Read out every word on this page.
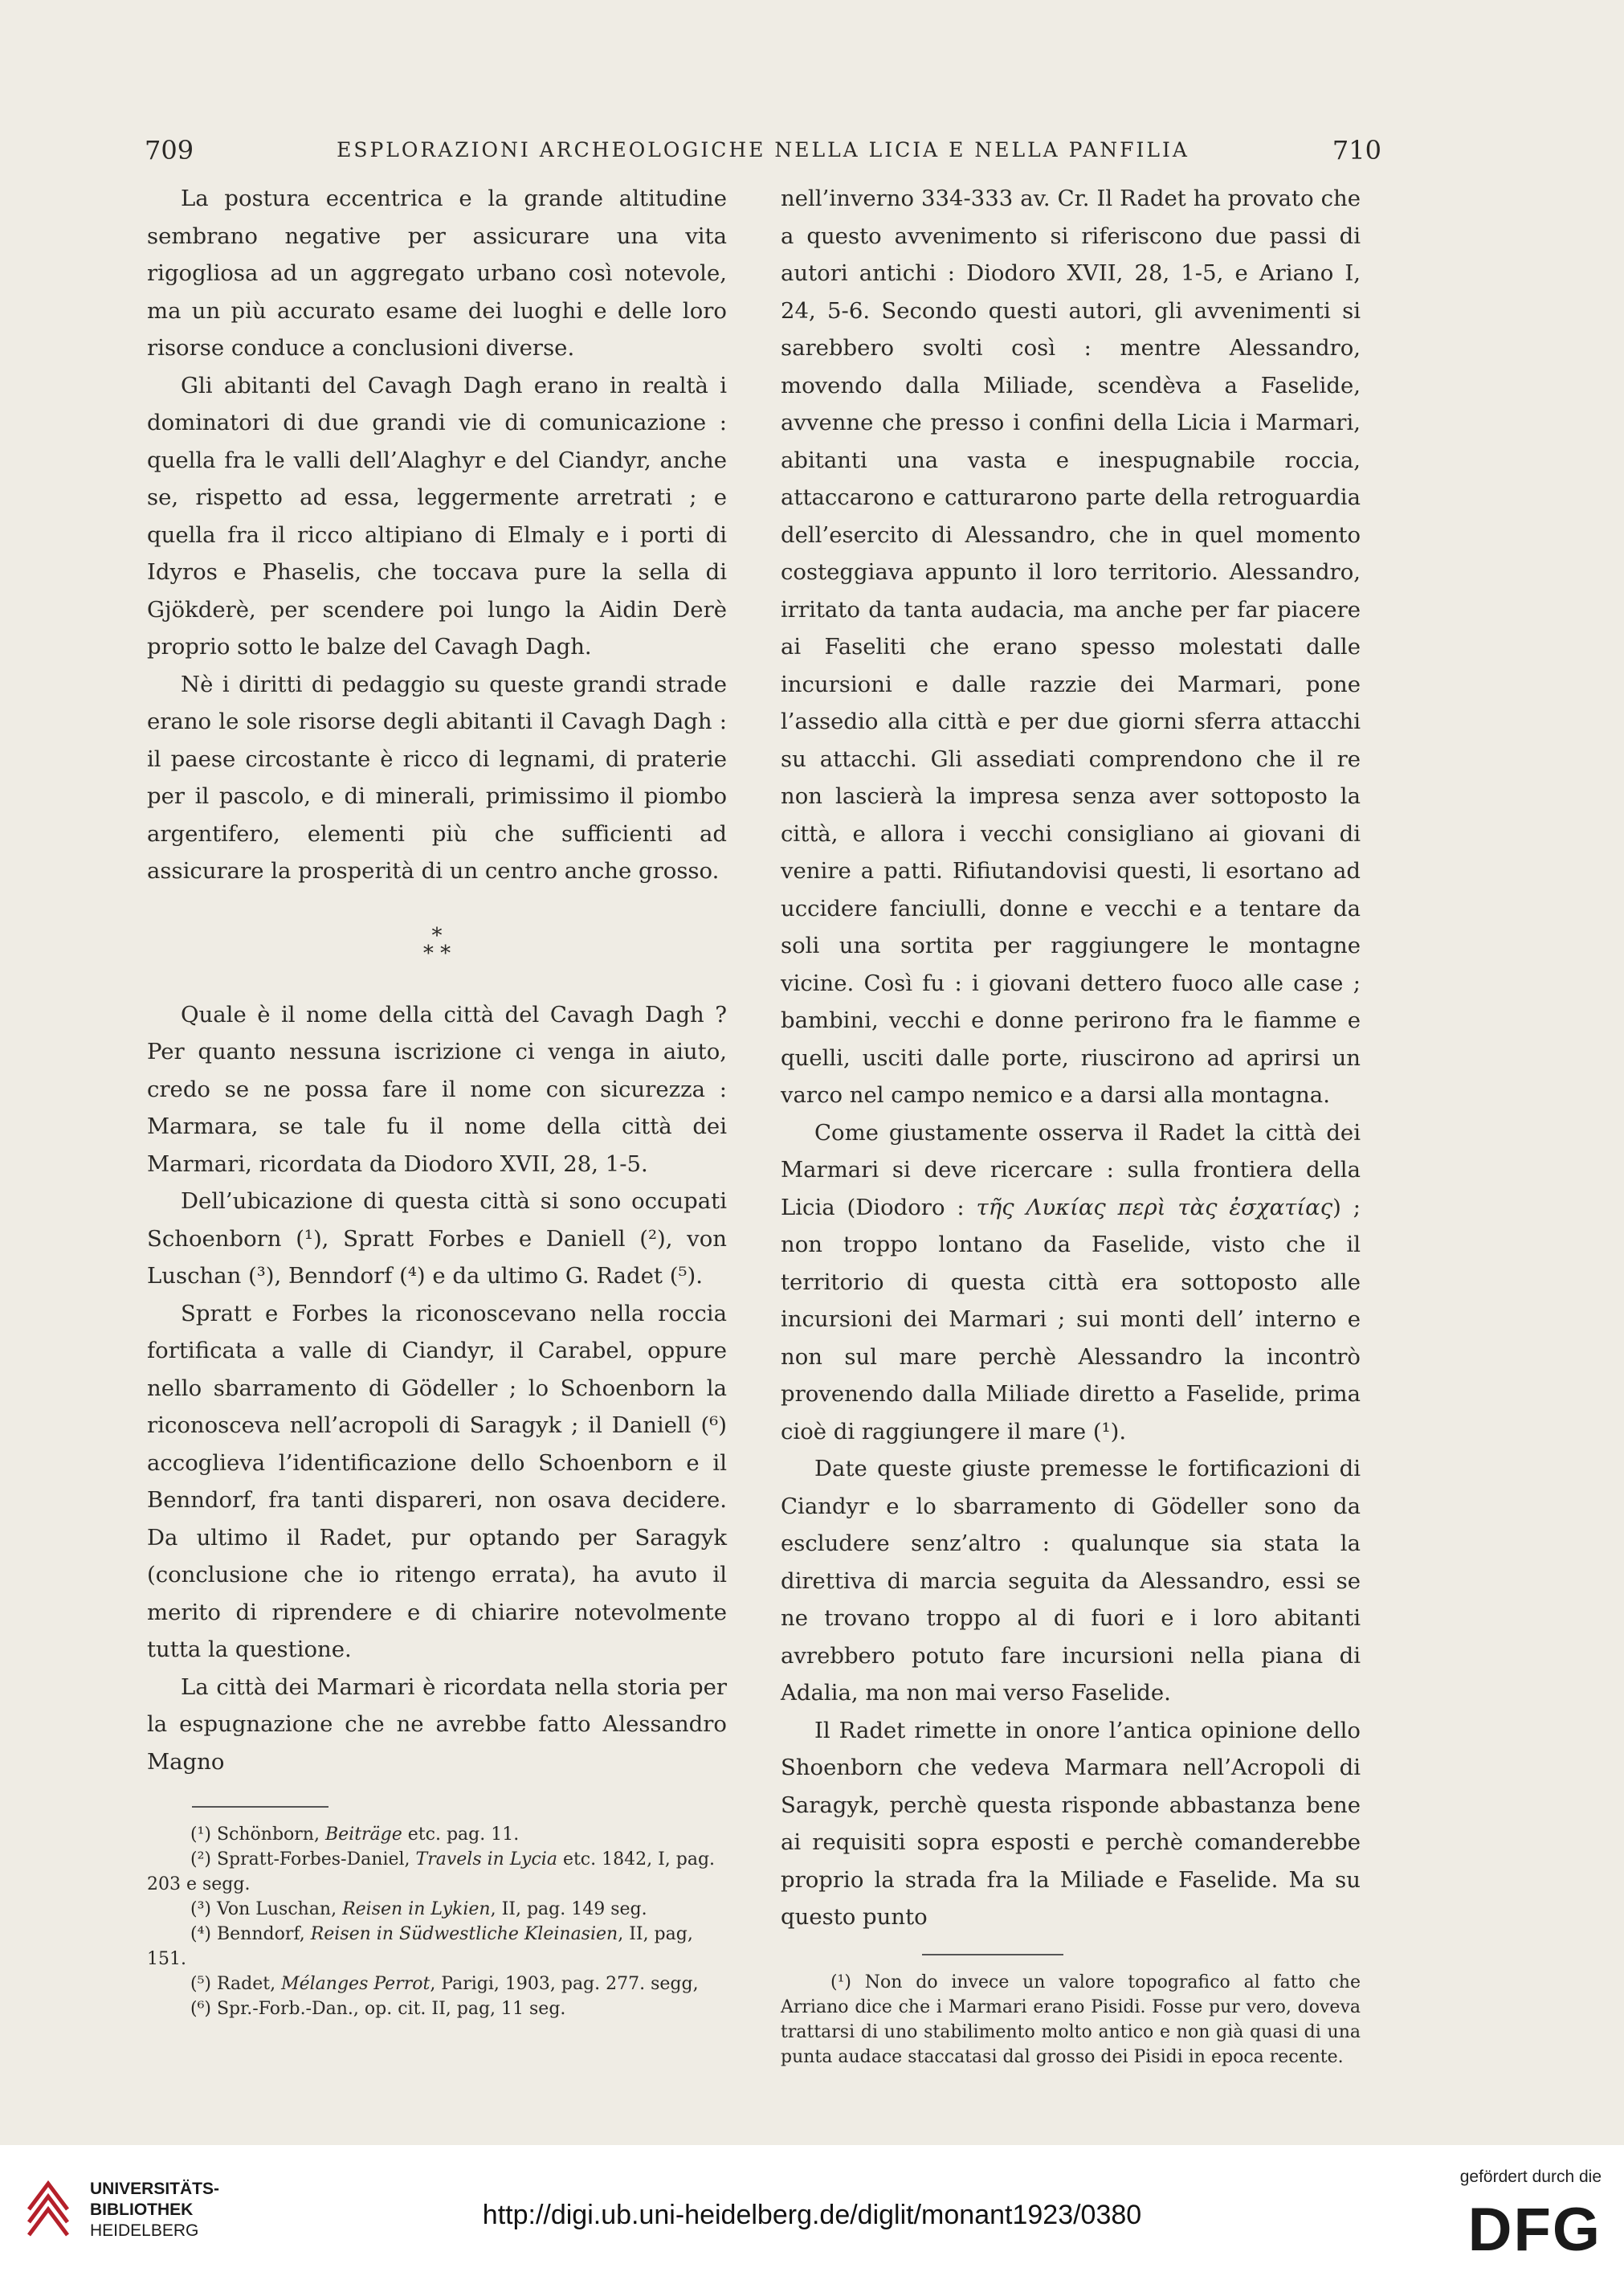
709	ESPLORAZIONI ARCHEOLOGICHE NELLA LICIA E NELLA PANFILIA	710

La postura eccentrica e la grande altitudine sembrano negative per assicurare una vita rigogliosa ad un aggregato urbano così notevole, ma un più accurato esame dei luoghi e delle loro risorse conduce a conclusioni diverse.

Gli abitanti del Cavagh Dagh erano in realtà i dominatori di due grandi vie di comunicazione : quella fra le valli dell’Alaghyr e del Ciandyr, anche se, rispetto ad essa, leggermente arretrati ; e quella fra il ricco altipiano di Elmaly e i porti di Idyros e Phaselis, che toccava pure la sella di Gjökderè, per scendere poi lungo la Aidin Derè proprio sotto le balze del Cavagh Dagh.

Nè i diritti di pedaggio su queste grandi strade erano le sole risorse degli abitanti il Cavagh Dagh : il paese circostante è ricco di legnami, di praterie per il pascolo, e di minerali, primissimo il piombo argentifero, elementi più che sufficienti ad assicurare la prosperità di un centro anche grosso.

*
* *

Quale è il nome della città del Cavagh Dagh ? Per quanto nessuna iscrizione ci venga in aiuto, credo se ne possa fare il nome con sicurezza : Marmara, se tale fu il nome della città dei Marmari, ricordata da Diodoro XVII, 28, 1-5.

Dell’ubicazione di questa città si sono occupati Schoenborn (¹), Spratt Forbes e Daniell (²), von Luschan (³), Benndorf (⁴) e da ultimo G. Radet (⁵).

Spratt e Forbes la riconoscevano nella roccia fortificata a valle di Ciandyr, il Carabel, oppure nello sbarramento di Gödeller ; lo Schoenborn la riconosceva nell’acropoli di Saragyk ; il Daniell (⁶) accoglieva l’identificazione dello Schoenborn e il Benndorf, fra tanti dispareri, non osava decidere. Da ultimo il Radet, pur optando per Saragyk (conclusione che io ritengo errata), ha avuto il merito di riprendere e di chiarire notevolmente tutta la questione.

La città dei Marmari è ricordata nella storia per la espugnazione che ne avrebbe fatto Alessandro Magno

(¹) Schönborn, Beiträge etc. pag. 11.

(²) Spratt-Forbes-Daniel, Travels in Lycia etc. 1842, I, pag. 203 e segg.

(³) Von Luschan, Reisen in Lykien, II, pag. 149 seg.

(⁴) Benndorf, Reisen in Südwestliche Kleinasien, II, pag, 151.

(⁵) Radet, Mélanges Perrot, Parigi, 1903, pag. 277. segg,

(⁶) Spr.-Forb.-Dan., op. cit. II, pag, 11 seg.

nell’inverno 334-333 av. Cr. Il Radet ha provato che a questo avvenimento si riferiscono due passi di autori antichi : Diodoro XVII, 28, 1-5, e Ariano I, 24, 5-6. Secondo questi autori, gli avvenimenti si sarebbero svolti così : mentre Alessandro, movendo dalla Miliade, scendèva a Faselide, avvenne che presso i confini della Licia i Marmari, abitanti una vasta e inespugnabile roccia, attaccarono e catturarono parte della retroguardia dell’esercito di Alessandro, che in quel momento costeggiava appunto il loro territorio. Alessandro, irritato da tanta audacia, ma anche per far piacere ai Faseliti che erano spesso molestati dalle incursioni e dalle razzie dei Marmari, pone l’assedio alla città e per due giorni sferra attacchi su attacchi. Gli assediati comprendono che il re non lascierà la impresa senza aver sottoposto la città, e allora i vecchi consigliano ai giovani di venire a patti. Rifiutandovisi questi, li esortano ad uccidere fanciulli, donne e vecchi e a tentare da soli una sortita per raggiungere le montagne vicine. Così fu : i giovani dettero fuoco alle case ; bambini, vecchi e donne perirono fra le fiamme e quelli, usciti dalle porte, riuscirono ad aprirsi un varco nel campo nemico e a darsi alla montagna.

Come giustamente osserva il Radet la città dei Marmari si deve ricercare : sulla frontiera della Licia (Diodoro : τῆς Λυκίας περὶ τὰς ἐσχατίας) ; non troppo lontano da Faselide, visto che il territorio di questa città era sottoposto alle incursioni dei Marmari ; sui monti dell’ interno e non sul mare perchè Alessandro la incontrò provenendo dalla Miliade diretto a Faselide, prima cioè di raggiungere il mare (¹).

Date queste giuste premesse le fortificazioni di Ciandyr e lo sbarramento di Gödeller sono da escludere senz’altro : qualunque sia stata la direttiva di marcia seguita da Alessandro, essi se ne trovano troppo al di fuori e i loro abitanti avrebbero potuto fare incursioni nella piana di Adalia, ma non mai verso Faselide.

Il Radet rimette in onore l’antica opinione dello Shoenborn che vedeva Marmara nell’Acropoli di Saragyk, perchè questa risponde abbastanza bene ai requisiti sopra esposti e perchè comanderebbe proprio la strada fra la Miliade e Faselide. Ma su questo punto

(¹) Non do invece un valore topografico al fatto che Arriano dice che i Marmari erano Pisidi. Fosse pur vero, doveva trattarsi di uno stabilimento molto antico e non già quasi di una punta audace staccatasi dal grosso dei Pisidi in epoca recente.

UNIVERSITÄTS-
BIBLIOTHEK
HEIDELBERG
http://digi.ub.uni-heidelberg.de/diglit/monant1923/0380
gefördert durch die
DFG
